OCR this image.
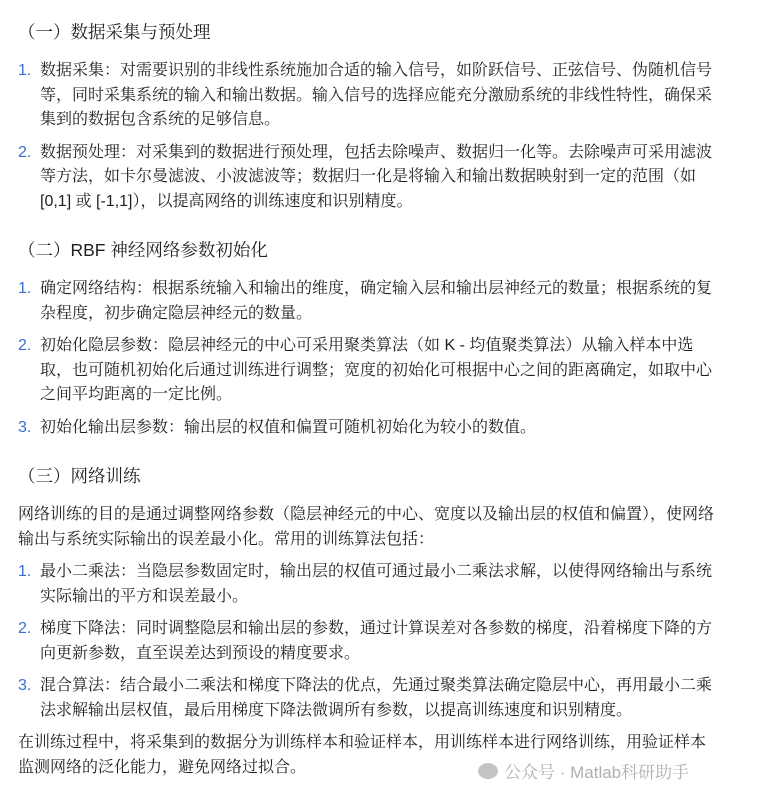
（一）数据采集与预处理
1. 数据采集：对需要识别的非线性系统施加合适的输入信号，如阶跃信号、正弦信号、伪随机信号等，同时采集系统的输入和输出数据。输入信号的选择应能充分激励系统的非线性特性，确保采集到的数据包含系统的足够信息。
2. 数据预处理：对采集到的数据进行预处理，包括去除噪声、数据归一化等。去除噪声可采用滤波等方法，如卡尔曼滤波、小波滤波等；数据归一化是将输入和输出数据映射到一定的范围（如 [0,1] 或 [-1,1]），以提高网络的训练速度和识别精度。
（二）RBF 神经网络参数初始化
1. 确定网络结构：根据系统输入和输出的维度，确定输入层和输出层神经元的数量；根据系统的复杂程度，初步确定隐层神经元的数量。
2. 初始化隐层参数：隐层神经元的中心可采用聚类算法（如 K - 均值聚类算法）从输入样本中选取，也可随机初始化后通过训练进行调整；宽度的初始化可根据中心之间的距离确定，如取中心之间平均距离的一定比例。
3. 初始化输出层参数：输出层的权值和偏置可随机初始化为较小的数值。
（三）网络训练

网络训练的目的是通过调整网络参数（隐层神经元的中心、宽度以及输出层的权值和偏置），使网络输出与系统实际输出的误差最小化。常用的训练算法包括：

1. 最小二乘法：当隐层参数固定时，输出层的权值可通过最小二乘法求解，以使得网络输出与系统实际输出的平方和误差最小。
2. 梯度下降法：同时调整隐层和输出层的参数，通过计算误差对各参数的梯度，沿着梯度下降的方向更新参数，直至误差达到预设的精度要求。
3. 混合算法：结合最小二乘法和梯度下降法的优点，先通过聚类算法确定隐层中心，再用最小二乘法求解输出层权值，最后用梯度下降法微调所有参数，以提高训练速度和识别精度。

在训练过程中，将采集到的数据分为训练样本和验证样本，用训练样本进行网络训练，用验证样本监测网络的泛化能力，避免网络过拟合。	公众号 · Matlab科研助手
